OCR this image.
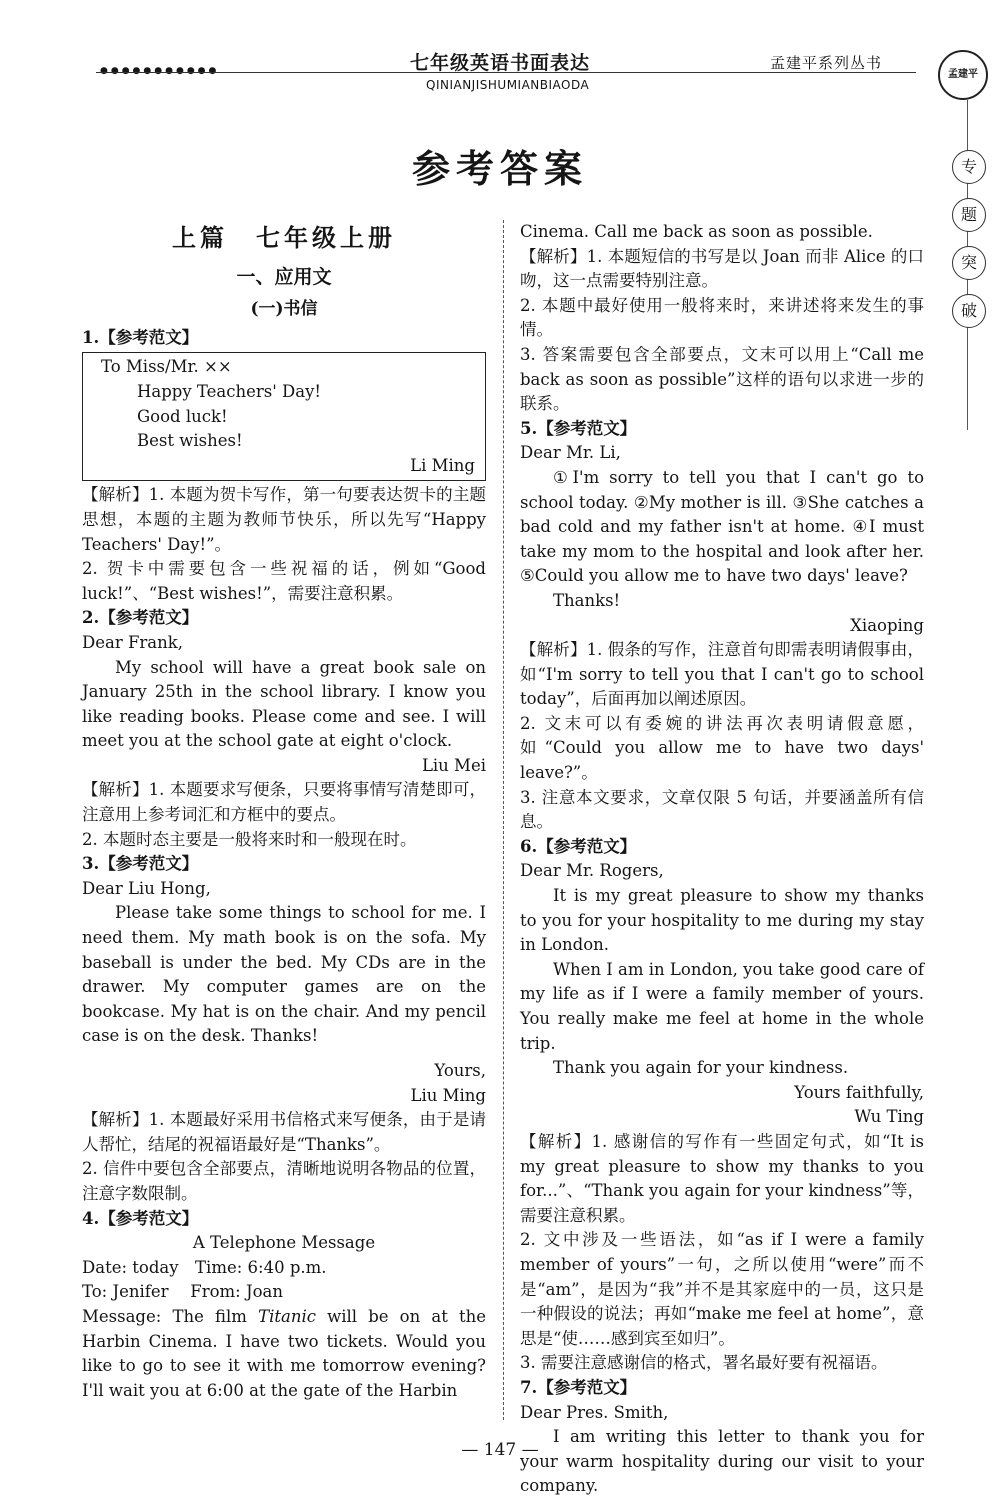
●●●●●●●●●●●	七年级英语书面表达
QINIANJISHUMIANBIAODA
孟建平系列丛书
孟建平
专
题
突
破
参考答案
上篇　七年级上册
一、应用文
(一)书信

1.【参考范文】

To Miss/Mr. ××

Happy Teachers' Day!

Good luck!

Best wishes!

Li Ming

【解析】1. 本题为贺卡写作，第一句要表达贺卡的主题思想，本题的主题为教师节快乐，所以先写“Happy Teachers' Day!”。

2. 贺卡中需要包含一些祝福的话，例如“Good luck!”、“Best wishes!”，需要注意积累。

2.【参考范文】

Dear Frank,

My school will have a great book sale on January 25th in the school library. I know you like reading books. Please come and see. I will meet you at the school gate at eight o'clock.

Liu Mei

【解析】1. 本题要求写便条，只要将事情写清楚即可，注意用上参考词汇和方框中的要点。

2. 本题时态主要是一般将来时和一般现在时。

3.【参考范文】

Dear Liu Hong,

Please take some things to school for me. I need them. My math book is on the sofa. My baseball is under the bed. My CDs are in the drawer. My computer games are on the bookcase. My hat is on the chair. And my pencil case is on the desk. Thanks!

Yours,

Liu Ming

【解析】1. 本题最好采用书信格式来写便条，由于是请人帮忙，结尾的祝福语最好是“Thanks”。

2. 信件中要包含全部要点，清晰地说明各物品的位置，注意字数限制。

4.【参考范文】

A Telephone Message

Date: today　Time: 6:40 p.m.

To: Jenifer　 From: Joan

Message: The film Titanic will be on at the Harbin Cinema. I have two tickets. Would you like to go to see it with me tomorrow evening? I'll wait you at 6:00 at the gate of the Harbin

Cinema. Call me back as soon as possible.

【解析】1. 本题短信的书写是以 Joan 而非 Alice 的口吻，这一点需要特别注意。

2. 本题中最好使用一般将来时，来讲述将来发生的事情。

3. 答案需要包含全部要点，文末可以用上“Call me back as soon as possible”这样的语句以求进一步的联系。

5.【参考范文】

Dear Mr. Li,

①I'm sorry to tell you that I can't go to school today. ②My mother is ill. ③She catches a bad cold and my father isn't at home. ④I must take my mom to the hospital and look after her. ⑤Could you allow me to have two days' leave?

Thanks!

Xiaoping

【解析】1. 假条的写作，注意首句即需表明请假事由，如“I'm sorry to tell you that I can't go to school today”，后面再加以阐述原因。

2. 文末可以有委婉的讲法再次表明请假意愿，如“Could you allow me to have two days' leave?”。

3. 注意本文要求，文章仅限 5 句话，并要涵盖所有信息。

6.【参考范文】

Dear Mr. Rogers,

It is my great pleasure to show my thanks to you for your hospitality to me during my stay in London.

When I am in London, you take good care of my life as if I were a family member of yours. You really make me feel at home in the whole trip.

Thank you again for your kindness.

Yours faithfully,

Wu Ting

【解析】1. 感谢信的写作有一些固定句式，如“It is my great pleasure to show my thanks to you for...”、“Thank you again for your kindness”等，需要注意积累。

2. 文中涉及一些语法，如“as if I were a family member of yours”一句，之所以使用“were”而不是“am”，是因为“我”并不是其家庭中的一员，这只是一种假设的说法；再如“make me feel at home”，意思是“使……感到宾至如归”。

3. 需要注意感谢信的格式，署名最好要有祝福语。

7.【参考范文】

Dear Pres. Smith,

I am writing this letter to thank you for your warm hospitality during our visit to your company.

— 147 —
